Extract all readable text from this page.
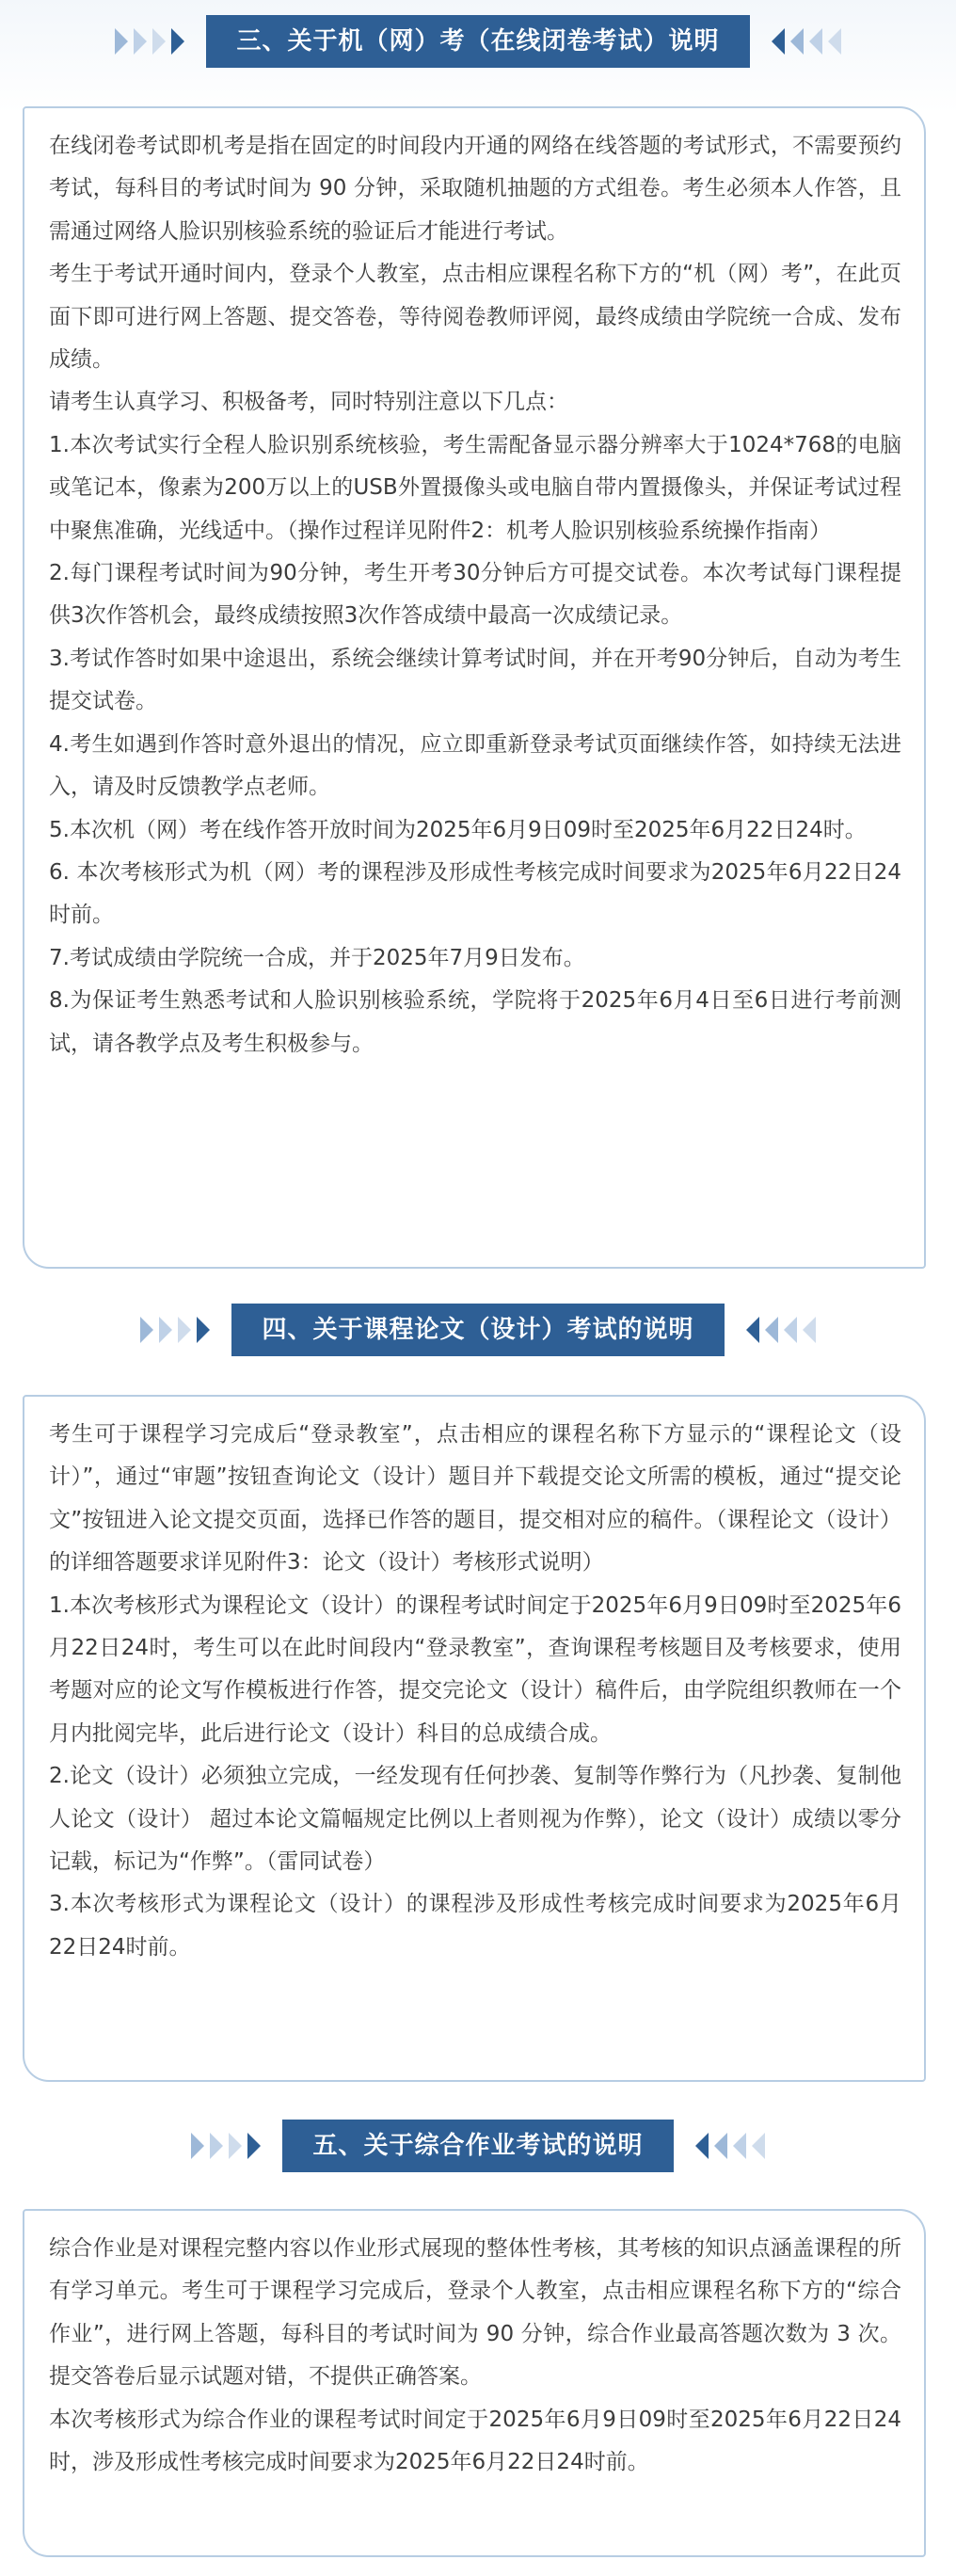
三、关于机（网）考（在线闭卷考试）说明

在线闭卷考试即机考是指在固定的时间段内开通的网络在线答题的考试形式，不需要预约考试，每科目的考试时间为 90 分钟，采取随机抽题的方式组卷。考生必须本人作答，且需通过网络人脸识别核验系统的验证后才能进行考试。

考生于考试开通时间内，登录个人教室，点击相应课程名称下方的“机（网）考”，在此页面下即可进行网上答题、提交答卷，等待阅卷教师评阅，最终成绩由学院统一合成、发布成绩。

请考生认真学习、积极备考，同时特别注意以下几点：

1.本次考试实行全程人脸识别系统核验，考生需配备显示器分辨率大于1024*768的电脑或笔记本，像素为200万以上的USB外置摄像头或电脑自带内置摄像头，并保证考试过程中聚焦准确，光线适中。（操作过程详见附件2：机考人脸识别核验系统操作指南）

2.每门课程考试时间为90分钟，考生开考30分钟后方可提交试卷。本次考试每门课程提供3次作答机会，最终成绩按照3次作答成绩中最高一次成绩记录。

3.考试作答时如果中途退出，系统会继续计算考试时间，并在开考90分钟后，自动为考生提交试卷。

4.考生如遇到作答时意外退出的情况，应立即重新登录考试页面继续作答，如持续无法进入，请及时反馈教学点老师。

5.本次机（网）考在线作答开放时间为2025年6月9日09时至2025年6月22日24时。

6. 本次考核形式为机（网）考的课程涉及形成性考核完成时间要求为2025年6月22日24时前。

7.考试成绩由学院统一合成，并于2025年7月9日发布。

8.为保证考生熟悉考试和人脸识别核验系统，学院将于2025年6月4日至6日进行考前测试，请各教学点及考生积极参与。

四、关于课程论文（设计）考试的说明

考生可于课程学习完成后“登录教室”，点击相应的课程名称下方显示的“课程论文（设计）”，通过“审题”按钮查询论文（设计）题目并下载提交论文所需的模板，通过“提交论文”按钮进入论文提交页面，选择已作答的题目，提交相对应的稿件。（课程论文（设计）的详细答题要求详见附件3：论文（设计）考核形式说明）

1.本次考核形式为课程论文（设计）的课程考试时间定于2025年6月9日09时至2025年6月22日24时，考生可以在此时间段内“登录教室”，查询课程考核题目及考核要求，使用考题对应的论文写作模板进行作答，提交完论文（设计）稿件后，由学院组织教师在一个月内批阅完毕，此后进行论文（设计）科目的总成绩合成。

2.论文（设计）必须独立完成，一经发现有任何抄袭、复制等作弊行为（凡抄袭、复制他人论文（设计） 超过本论文篇幅规定比例以上者则视为作弊），论文（设计）成绩以零分记载，标记为“作弊”。（雷同试卷）

3.本次考核形式为课程论文（设计）的课程涉及形成性考核完成时间要求为2025年6月22日24时前。

五、关于综合作业考试的说明

综合作业是对课程完整内容以作业形式展现的整体性考核，其考核的知识点涵盖课程的所有学习单元。考生可于课程学习完成后，登录个人教室，点击相应课程名称下方的“综合作业”，进行网上答题，每科目的考试时间为 90 分钟，综合作业最高答题次数为 3 次。提交答卷后显示试题对错，不提供正确答案。

本次考核形式为综合作业的课程考试时间定于2025年6月9日09时至2025年6月22日24时，涉及形成性考核完成时间要求为2025年6月22日24时前。
